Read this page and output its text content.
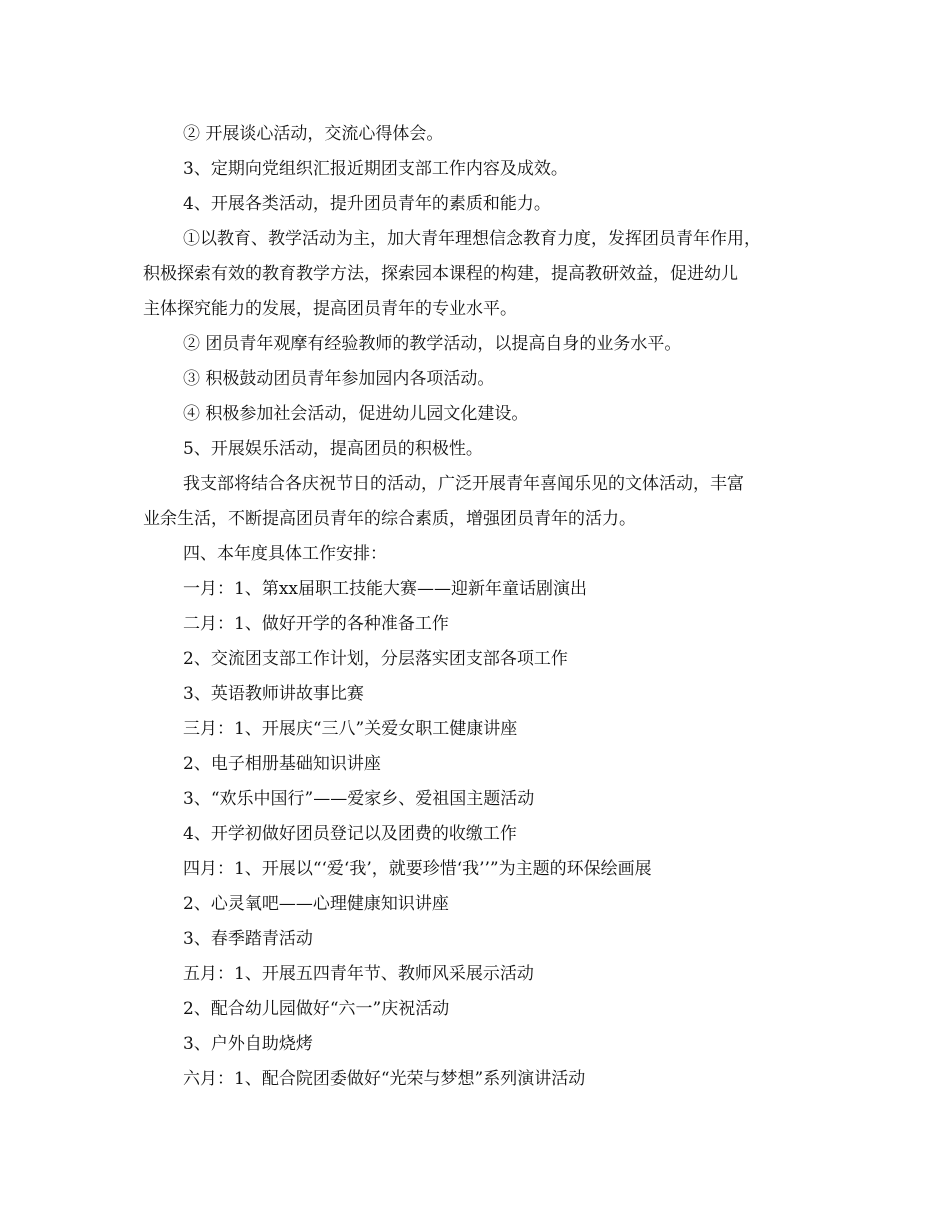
② 开展谈心活动，交流心得体会。
3、定期向党组织汇报近期团支部工作内容及成效。
4、开展各类活动，提升团员青年的素质和能力。
①以教育、教学活动为主，加大青年理想信念教育力度，发挥团员青年作用，
积极探索有效的教育教学方法，探索园本课程的构建，提高教研效益，促进幼儿
主体探究能力的发展，提高团员青年的专业水平。
② 团员青年观摩有经验教师的教学活动，以提高自身的业务水平。
③ 积极鼓动团员青年参加园内各项活动。
④ 积极参加社会活动，促进幼儿园文化建设。
5、开展娱乐活动，提高团员的积极性。
我支部将结合各庆祝节日的活动，广泛开展青年喜闻乐见的文体活动，丰富
业余生活，不断提高团员青年的综合素质，增强团员青年的活力。
四、本年度具体工作安排：
一月：1、第xx届职工技能大赛——迎新年童话剧演出
二月：1、做好开学的各种准备工作
2、交流团支部工作计划，分层落实团支部各项工作
3、英语教师讲故事比赛
三月：1、开展庆“三八”关爱女职工健康讲座
2、电子相册基础知识讲座
3、“欢乐中国行”——爱家乡、爱祖国主题活动
4、开学初做好团员登记以及团费的收缴工作
四月：1、开展以“‘爱‘我’，就要珍惜‘我’’”为主题的环保绘画展
2、心灵氧吧——心理健康知识讲座
3、春季踏青活动
五月：1、开展五四青年节、教师风采展示活动
2、配合幼儿园做好“六一”庆祝活动
3、户外自助烧烤
六月：1、配合院团委做好“光荣与梦想”系列演讲活动
